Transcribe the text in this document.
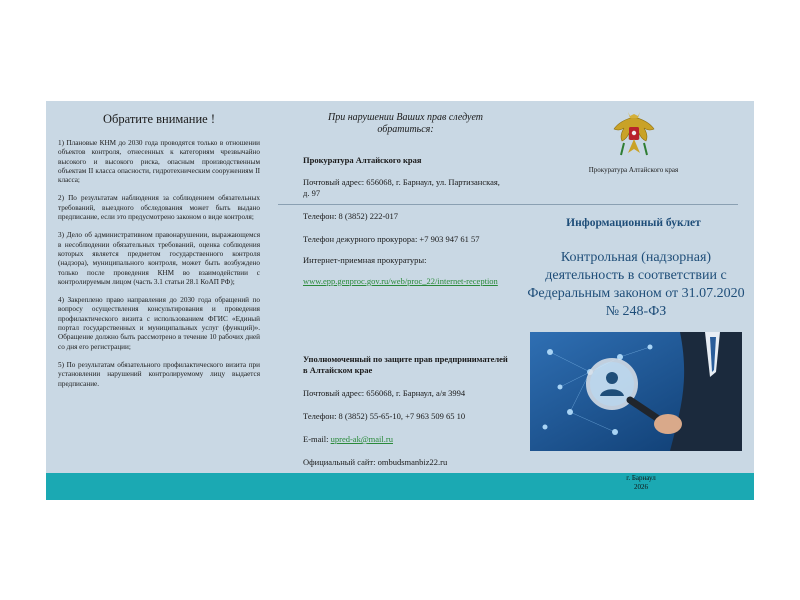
Обратите внимание !

1) Плановые КНМ до 2030 года проводятся только в отношении объектов контроля, отнесенных к категориям чрезвычайно высокого и высокого риска, опасным производственным объектам II класса опасности, гидротехническим сооружениям II класса;

2) По результатам наблюдения за соблюдением обязательных требований, выездного обследования может быть выдано предписание, если это предусмотрено законом о виде контроля;

3) Дело об административном правонарушении, выражающемся в несоблюдении обязательных требований, оценка соблюдения которых является предметом государственного контроля (надзора), муниципального контроля, может быть возбуждено только после проведения КНМ во взаимодействии с контролируемым лицом (часть 3.1 статьи 28.1 КоАП РФ);

4) Закреплено право направления до 2030 года обращений по вопросу осуществления консультирования и проведения профилактического визита с использованием ФГИС «Единый портал государственных и муниципальных услуг (функций)». Обращение должно быть рассмотрено в течение 10 рабочих дней со дня его регистрации;

5) По результатам обязательного профилактического визита при установлении нарушений контролируемому лицу выдается предписание.

При нарушении Ваших прав следует обратиться:
Прокуратура Алтайского края
Почтовый адрес: 656068, г. Барнаул, ул. Партизанская, д. 97
Телефон: 8 (3852) 222-017
Телефон дежурного прокурора: +7 903 947 61 57
Интернет-приемная прокуратуры:
www.epp.genproc.gov.ru/web/proc_22/internet-reception
Уполномоченный по защите прав предпринимателей в Алтайском крае
Почтовый адрес: 656068, г. Барнаул, а/я 3994
Телефон: 8 (3852) 55-65-10, +7 963 509 65 10
E-mail: upred-ak@mail.ru
Официальный сайт: ombudsmanbiz22.ru
Прокуратура Алтайского края
Информационный буклет
Контрольная (надзорная) деятельность в соответствии с Федеральным законом от 31.07.2020 № 248-ФЗ
г. Барнаул
2026
